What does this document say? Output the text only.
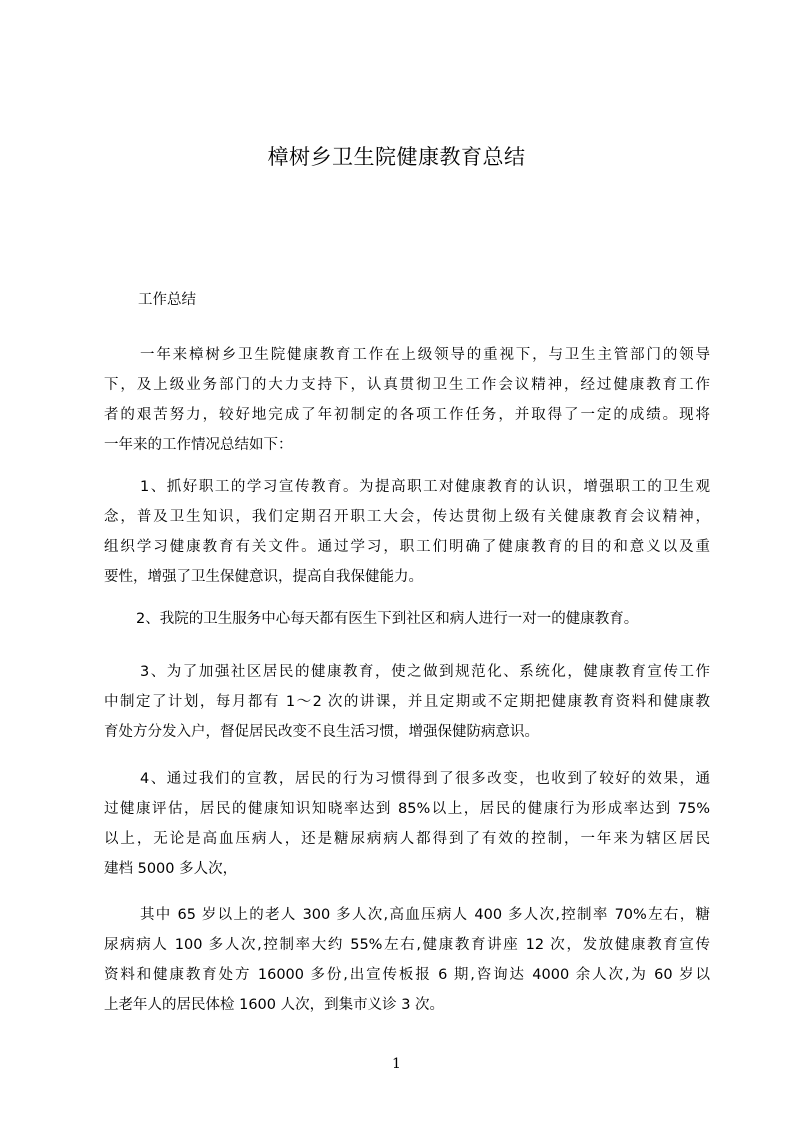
樟树乡卫生院健康教育总结
工作总结
一年来樟树乡卫生院健康教育工作在上级领导的重视下，与卫生主管部门的领导
下，及上级业务部门的大力支持下，认真贯彻卫生工作会议精神，经过健康教育工作
者的艰苦努力，较好地完成了年初制定的各项工作任务，并取得了一定的成绩。现将
一年来的工作情况总结如下：
1、抓好职工的学习宣传教育。为提高职工对健康教育的认识，增强职工的卫生观
念，普及卫生知识，我们定期召开职工大会，传达贯彻上级有关健康教育会议精神，
组织学习健康教育有关文件。通过学习，职工们明确了健康教育的目的和意义以及重
要性，增强了卫生保健意识，提高自我保健能力。
2、我院的卫生服务中心每天都有医生下到社区和病人进行一对一的健康教育。
3、为了加强社区居民的健康教育，使之做到规范化、系统化，健康教育宣传工作
中制定了计划，每月都有 1～2 次的讲课，并且定期或不定期把健康教育资料和健康教
育处方分发入户，督促居民改变不良生活习惯，增强保健防病意识。
4、通过我们的宣教，居民的行为习惯得到了很多改变，也收到了较好的效果，通
过健康评估，居民的健康知识知晓率达到 85%以上，居民的健康行为形成率达到 75%
以上，无论是高血压病人，还是糖尿病病人都得到了有效的控制，一年来为辖区居民
建档 5000 多人次，
其中 65 岁以上的老人 300 多人次,高血压病人 400 多人次,控制率 70%左右，糖
尿病病人 100 多人次,控制率大约 55%左右,健康教育讲座 12 次，发放健康教育宣传
资料和健康教育处方 16000 多份,出宣传板报 6 期,咨询达 4000 余人次,为 60 岁以
上老年人的居民体检 1600 人次，到集市义诊 3 次。
1
